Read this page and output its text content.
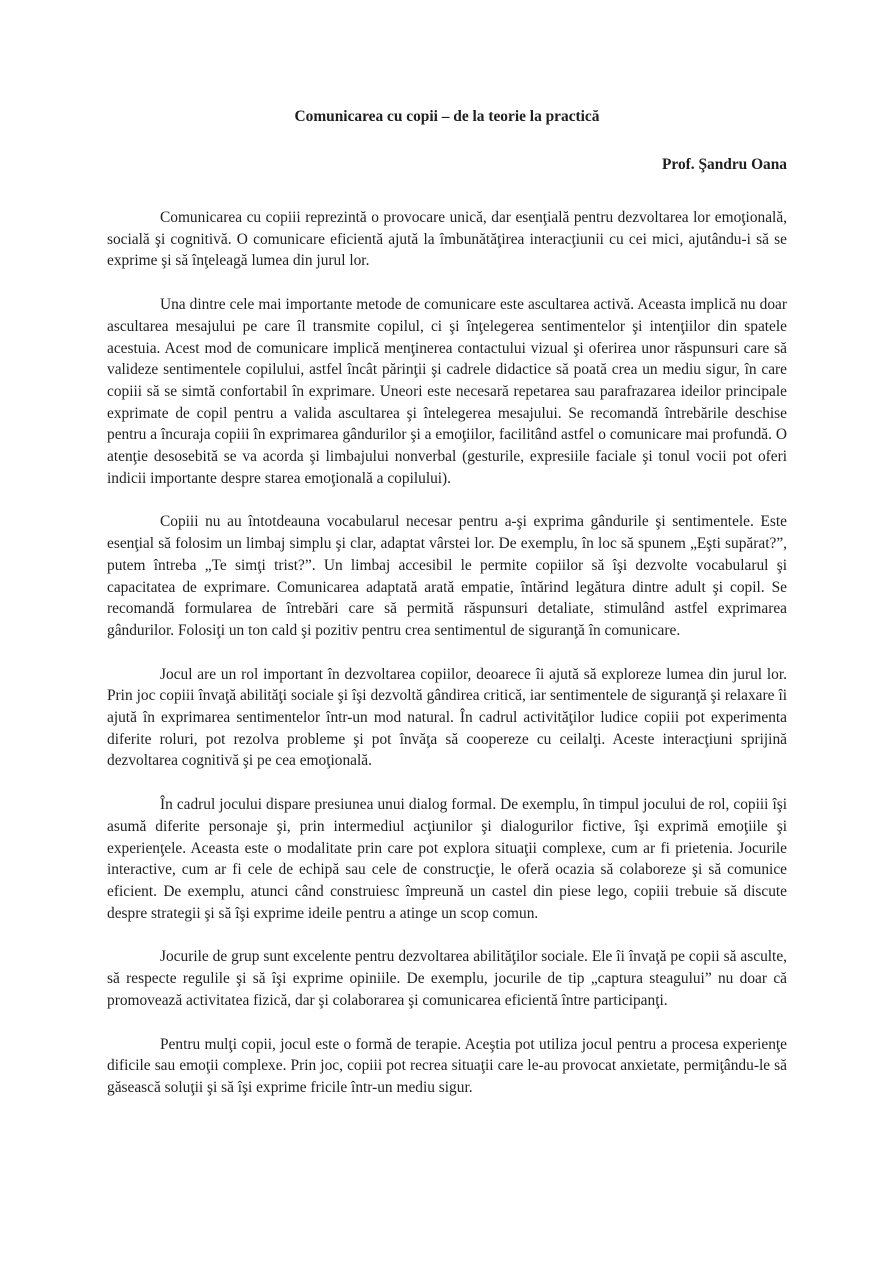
Comunicarea cu copii – de la teorie la practică
Prof. Şandru Oana

Comunicarea cu copiii reprezintă o provocare unică, dar esenţială pentru dezvoltarea lor emoţională, socială şi cognitivă. O comunicare eficientă ajută la îmbunătăţirea interacţiunii cu cei mici, ajutându-i să se exprime şi să înţeleagă lumea din jurul lor.

Una dintre cele mai importante metode de comunicare este ascultarea activă. Aceasta implică nu doar ascultarea mesajului pe care îl transmite copilul, ci şi înţelegerea sentimentelor şi intenţiilor din spatele acestuia. Acest mod de comunicare implică menţinerea contactului vizual şi oferirea unor răspunsuri care să valideze sentimentele copilului, astfel încât părinţii şi cadrele didactice să poată crea un mediu sigur, în care copiii să se simtă confortabil în exprimare. Uneori este necesară repetarea sau parafrazarea ideilor principale exprimate de copil pentru a valida ascultarea şi întelegerea mesajului. Se recomandă întrebările deschise pentru a încuraja copiii în exprimarea gândurilor şi a emoţiilor, facilitând astfel o comunicare mai profundă. O atenţie desosebită se va acorda şi limbajului nonverbal (gesturile, expresiile faciale şi tonul vocii pot oferi indicii importante despre starea emoţională a copilului).

Copiii nu au întotdeauna vocabularul necesar pentru a-şi exprima gândurile şi sentimentele. Este esenţial să folosim un limbaj simplu şi clar, adaptat vârstei lor. De exemplu, în loc să spunem „Eşti supărat?”, putem întreba „Te simţi trist?”. Un limbaj accesibil le permite copiilor să îşi dezvolte vocabularul şi capacitatea de exprimare. Comunicarea adaptată arată empatie, întărind legătura dintre adult şi copil. Se recomandă formularea de întrebări care să permită răspunsuri detaliate, stimulând astfel exprimarea gândurilor. Folosiţi un ton cald şi pozitiv pentru crea sentimentul de siguranţă în comunicare.

Jocul are un rol important în dezvoltarea copiilor, deoarece îi ajută să exploreze lumea din jurul lor. Prin joc copiii învaţă abilităţi sociale şi îşi dezvoltă gândirea critică, iar sentimentele de siguranţă şi relaxare îi ajută în exprimarea sentimentelor într-un mod natural. În cadrul activităţilor ludice copiii pot experimenta diferite roluri, pot rezolva probleme şi pot învăţa să coopereze cu ceilalţi. Aceste interacţiuni sprijină dezvoltarea cognitivă şi pe cea emoţională.

În cadrul jocului dispare presiunea unui dialog formal. De exemplu, în timpul jocului de rol, copiii îşi asumă diferite personaje şi, prin intermediul acţiunilor şi dialogurilor fictive, îşi exprimă emoţiile şi experienţele. Aceasta este o modalitate prin care pot explora situaţii complexe, cum ar fi prietenia. Jocurile interactive, cum ar fi cele de echipă sau cele de construcţie, le oferă ocazia să colaboreze şi să comunice eficient. De exemplu, atunci când construiesc împreună un castel din piese lego, copiii trebuie să discute despre strategii şi să îşi exprime ideile pentru a atinge un scop comun.

Jocurile de grup sunt excelente pentru dezvoltarea abilităţilor sociale. Ele îi învaţă pe copii să asculte, să respecte regulile şi să îşi exprime opiniile. De exemplu, jocurile de tip „captura steagului” nu doar că promovează activitatea fizică, dar şi colaborarea şi comunicarea eficientă între participanţi.

Pentru mulţi copii, jocul este o formă de terapie. Aceştia pot utiliza jocul pentru a procesa experienţe dificile sau emoţii complexe. Prin joc, copiii pot recrea situaţii care le-au provocat anxietate, permiţându-le să găsească soluţii şi să îşi exprime fricile într-un mediu sigur.
